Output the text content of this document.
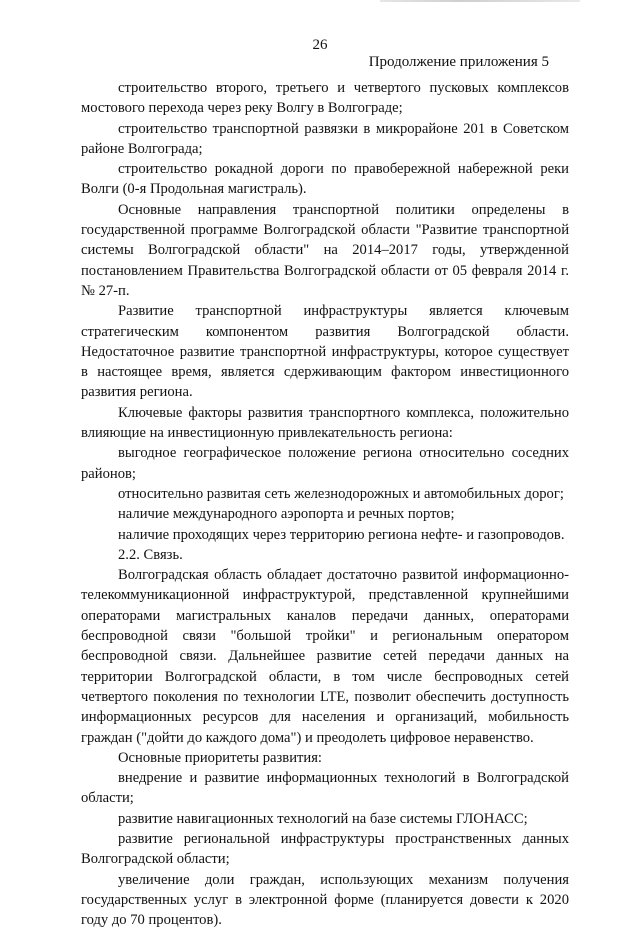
26
Продолжение приложения 5

строительство второго, третьего и четвертого пусковых комплексов мостового перехода через реку Волгу в Волгограде;

строительство транспортной развязки в микрорайоне 201 в Советском районе Волгограда;

строительство рокадной дороги по правобережной набережной реки Волги (0-я Продольная магистраль).

Основные направления транспортной политики определены в государственной программе Волгоградской области "Развитие транспортной системы Волгоградской области" на 2014–2017 годы, утвержденной постановлением Правительства Волгоградской области от 05 февраля 2014 г. № 27-п.

Развитие транспортной инфраструктуры является ключевым стратегическим компонентом развития Волгоградской области. Недостаточное развитие транспортной инфраструктуры, которое существует в настоящее время, является сдерживающим фактором инвестиционного развития региона.

Ключевые факторы развития транспортного комплекса, положительно влияющие на инвестиционную привлекательность региона:

выгодное географическое положение региона относительно соседних районов;

относительно развитая сеть железнодорожных и автомобильных дорог;

наличие международного аэропорта и речных портов;

наличие проходящих через территорию региона нефте- и газопроводов.

2.2. Связь.

Волгоградская область обладает достаточно развитой информационно-телекоммуникационной инфраструктурой, представленной крупнейшими операторами магистральных каналов передачи данных, операторами беспроводной связи "большой тройки" и региональным оператором беспроводной связи. Дальнейшее развитие сетей передачи данных на территории Волгоградской области, в том числе беспроводных сетей четвертого поколения по технологии LTE, позволит обеспечить доступность информационных ресурсов для населения и организаций, мобильность граждан ("дойти до каждого дома") и преодолеть цифровое неравенство.

Основные приоритеты развития:

внедрение и развитие информационных технологий в Волгоградской области;

развитие навигационных технологий на базе системы ГЛОНАСС;

развитие региональной инфраструктуры пространственных данных Волгоградской области;

увеличение доли граждан, использующих механизм получения государственных услуг в электронной форме (планируется довести к 2020 году до 70 процентов).
